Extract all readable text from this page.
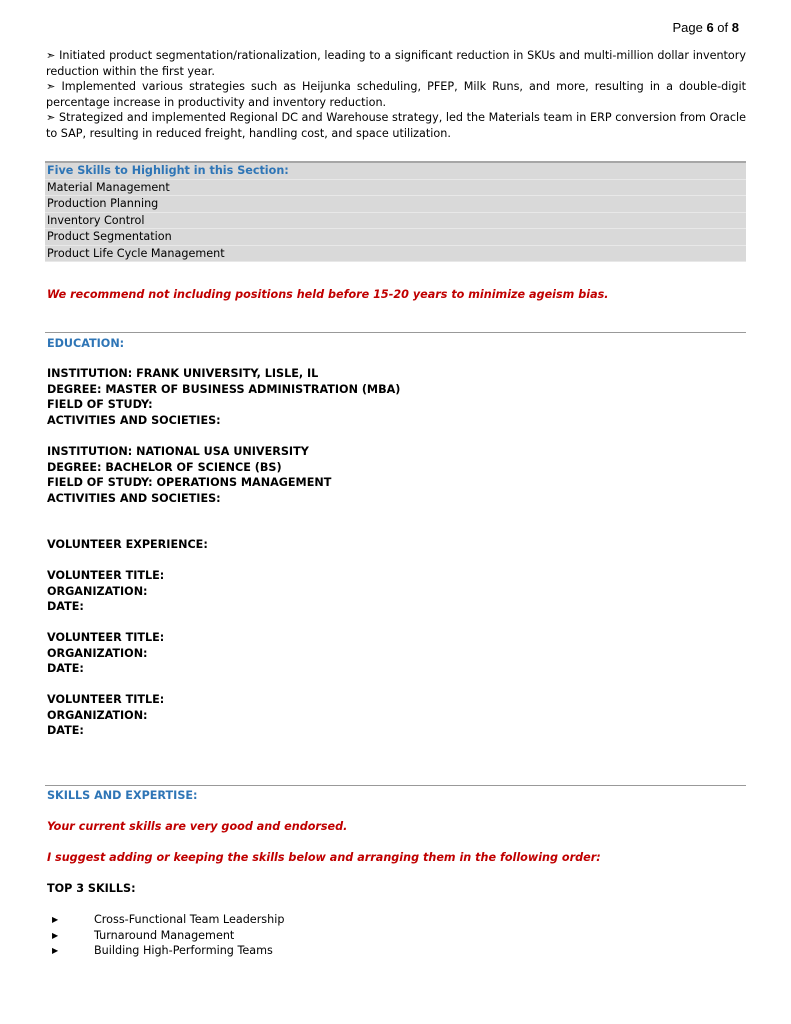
Page 6 of 8

➣ Initiated product segmentation/rationalization, leading to a significant reduction in SKUs and multi-million dollar inventory reduction within the first year.

➣ Implemented various strategies such as Heijunka scheduling, PFEP, Milk Runs, and more, resulting in a double-digit percentage increase in productivity and inventory reduction.

➣ Strategized and implemented Regional DC and Warehouse strategy, led the Materials team in ERP conversion from Oracle to SAP, resulting in reduced freight, handling cost, and space utilization.

Five Skills to Highlight in this Section:
Material Management
Production Planning
Inventory Control
Product Segmentation
Product Life Cycle Management
We recommend not including positions held before 15-20 years to minimize ageism bias.
EDUCATION:
INSTITUTION: FRANK UNIVERSITY, LISLE, IL
DEGREE: MASTER OF BUSINESS ADMINISTRATION (MBA)
FIELD OF STUDY:
ACTIVITIES AND SOCIETIES:
INSTITUTION: NATIONAL USA UNIVERSITY
DEGREE: BACHELOR OF SCIENCE (BS)
FIELD OF STUDY: OPERATIONS MANAGEMENT
ACTIVITIES AND SOCIETIES:
VOLUNTEER EXPERIENCE:
VOLUNTEER TITLE:
ORGANIZATION:
DATE:
VOLUNTEER TITLE:
ORGANIZATION:
DATE:
VOLUNTEER TITLE:
ORGANIZATION:
DATE:
SKILLS AND EXPERTISE:
Your current skills are very good and endorsed.
I suggest adding or keeping the skills below and arranging them in the following order:
TOP 3 SKILLS:
▶	Cross-Functional Team Leadership
▶	Turnaround Management
▶	Building High-Performing Teams
